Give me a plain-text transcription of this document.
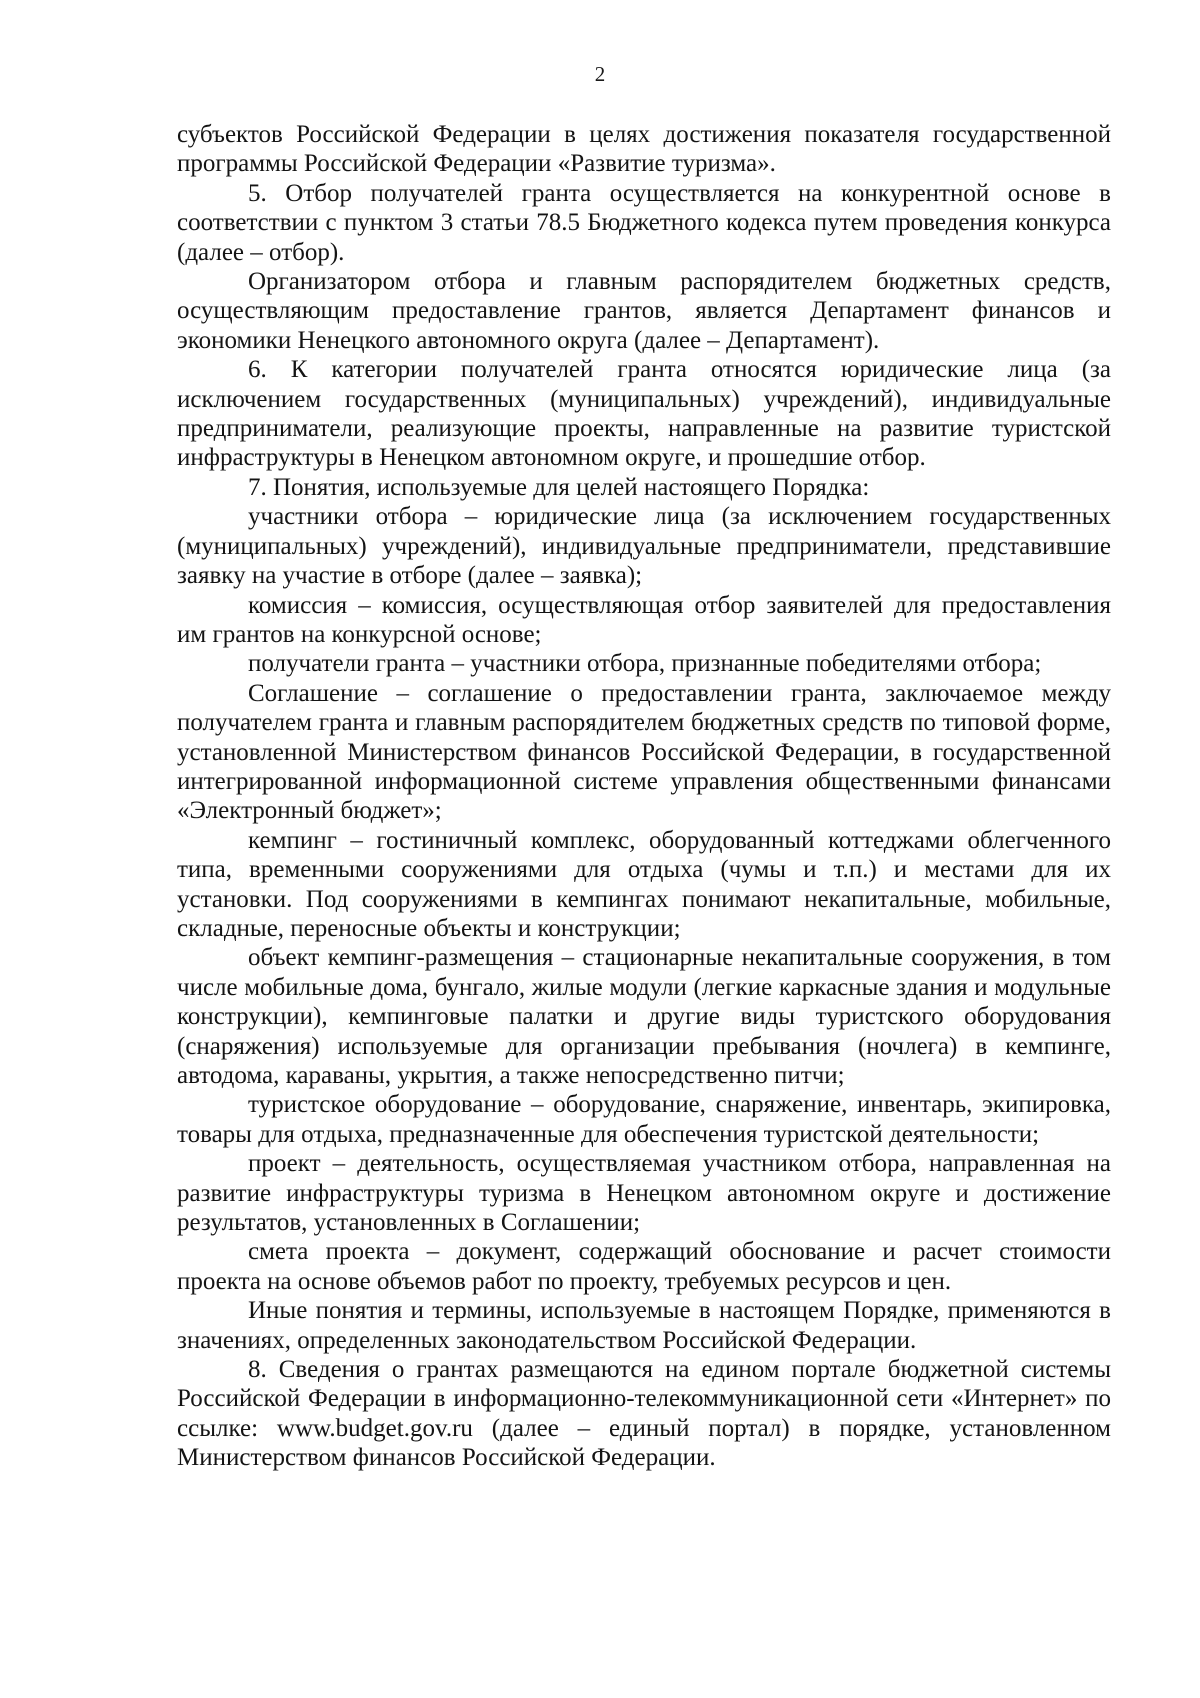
2

субъектов Российской Федерации в целях достижения показателя государственной программы Российской Федерации «Развитие туризма».

5. Отбор получателей гранта осуществляется на конкурентной основе в соответствии с пунктом 3 статьи 78.5 Бюджетного кодекса путем проведения конкурса (далее – отбор).

Организатором отбора и главным распорядителем бюджетных средств, осуществляющим предоставление грантов, является Департамент финансов и экономики Ненецкого автономного округа (далее – Департамент).

6. К категории получателей гранта относятся юридические лица (за исключением государственных (муниципальных) учреждений), индивидуальные предприниматели, реализующие проекты, направленные на развитие туристской инфраструктуры в Ненецком автономном округе, и прошедшие отбор.

7. Понятия, используемые для целей настоящего Порядка:

участники отбора – юридические лица (за исключением государственных (муниципальных) учреждений), индивидуальные предприниматели, представившие заявку на участие в отборе (далее – заявка);

комиссия – комиссия, осуществляющая отбор заявителей для предоставления им грантов на конкурсной основе;

получатели гранта – участники отбора, признанные победителями отбора;

Соглашение – соглашение о предоставлении гранта, заключаемое между получателем гранта и главным распорядителем бюджетных средств по типовой форме, установленной Министерством финансов Российской Федерации, в государственной интегрированной информационной системе управления общественными финансами «Электронный бюджет»;

кемпинг – гостиничный комплекс, оборудованный коттеджами облегченного типа, временными сооружениями для отдыха (чумы и т.п.) и местами для их установки. Под сооружениями в кемпингах понимают некапитальные, мобильные, складные, переносные объекты и конструкции;

объект кемпинг-размещения – стационарные некапитальные сооружения, в том числе мобильные дома, бунгало, жилые модули (легкие каркасные здания и модульные конструкции), кемпинговые палатки и другие виды туристского оборудования (снаряжения) используемые для организации пребывания (ночлега) в кемпинге, автодома, караваны, укрытия, а также непосредственно питчи;

туристское оборудование – оборудование, снаряжение, инвентарь, экипировка, товары для отдыха, предназначенные для обеспечения туристской деятельности;

проект – деятельность, осуществляемая участником отбора, направленная на развитие инфраструктуры туризма в Ненецком автономном округе и достижение результатов, установленных в Соглашении;

смета проекта – документ, содержащий обоснование и расчет стоимости проекта на основе объемов работ по проекту, требуемых ресурсов и цен.

Иные понятия и термины, используемые в настоящем Порядке, применяются в значениях, определенных законодательством Российской Федерации.

8. Сведения о грантах размещаются на едином портале бюджетной системы Российской Федерации в информационно-телекоммуникационной сети «Интернет» по ссылке: www.budget.gov.ru (далее – единый портал) в порядке, установленном Министерством финансов Российской Федерации.
